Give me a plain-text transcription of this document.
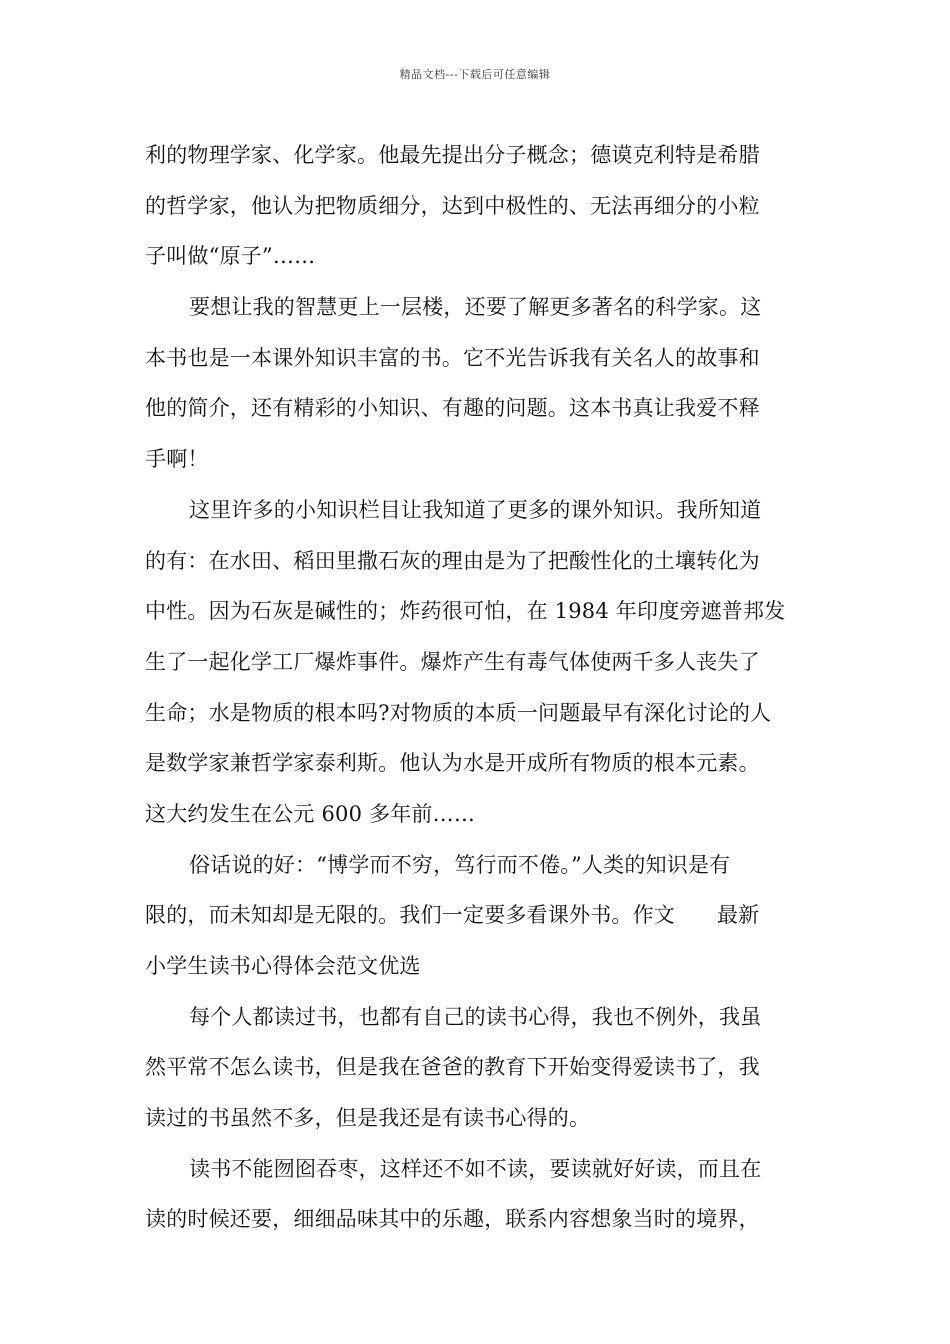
精品文档---下载后可任意编辑
利的物理学家、化学家。他最先提出分子概念；德谟克利特是希腊
的哲学家，他认为把物质细分，达到中极性的、无法再细分的小粒
子叫做“原子”……
要想让我的智慧更上一层楼，还要了解更多著名的科学家。这
本书也是一本课外知识丰富的书。它不光告诉我有关名人的故事和
他的简介，还有精彩的小知识、有趣的问题。这本书真让我爱不释
手啊！
这里许多的小知识栏目让我知道了更多的课外知识。我所知道
的有：在水田、稻田里撒石灰的理由是为了把酸性化的土壤转化为
中性。因为石灰是碱性的；炸药很可怕，在 1984 年印度旁遮普邦发
生了一起化学工厂爆炸事件。爆炸产生有毒气体使两千多人丧失了
生命；水是物质的根本吗?对物质的本质一问题最早有深化讨论的人
是数学家兼哲学家泰利斯。他认为水是开成所有物质的根本元素。
这大约发生在公元 600 多年前……
俗话说的好：“博学而不穷，笃行而不倦。”人类的知识是有
限的，而未知却是无限的。我们一定要多看课外书。作文 最新
小学生读书心得体会范文优选
每个人都读过书，也都有自己的读书心得，我也不例外，我虽
然平常不怎么读书，但是我在爸爸的教育下开始变得爱读书了，我
读过的书虽然不多，但是我还是有读书心得的。
读书不能囫囵吞枣，这样还不如不读，要读就好好读，而且在
读的时候还要，细细品味其中的乐趣，联系内容想象当时的境界，
